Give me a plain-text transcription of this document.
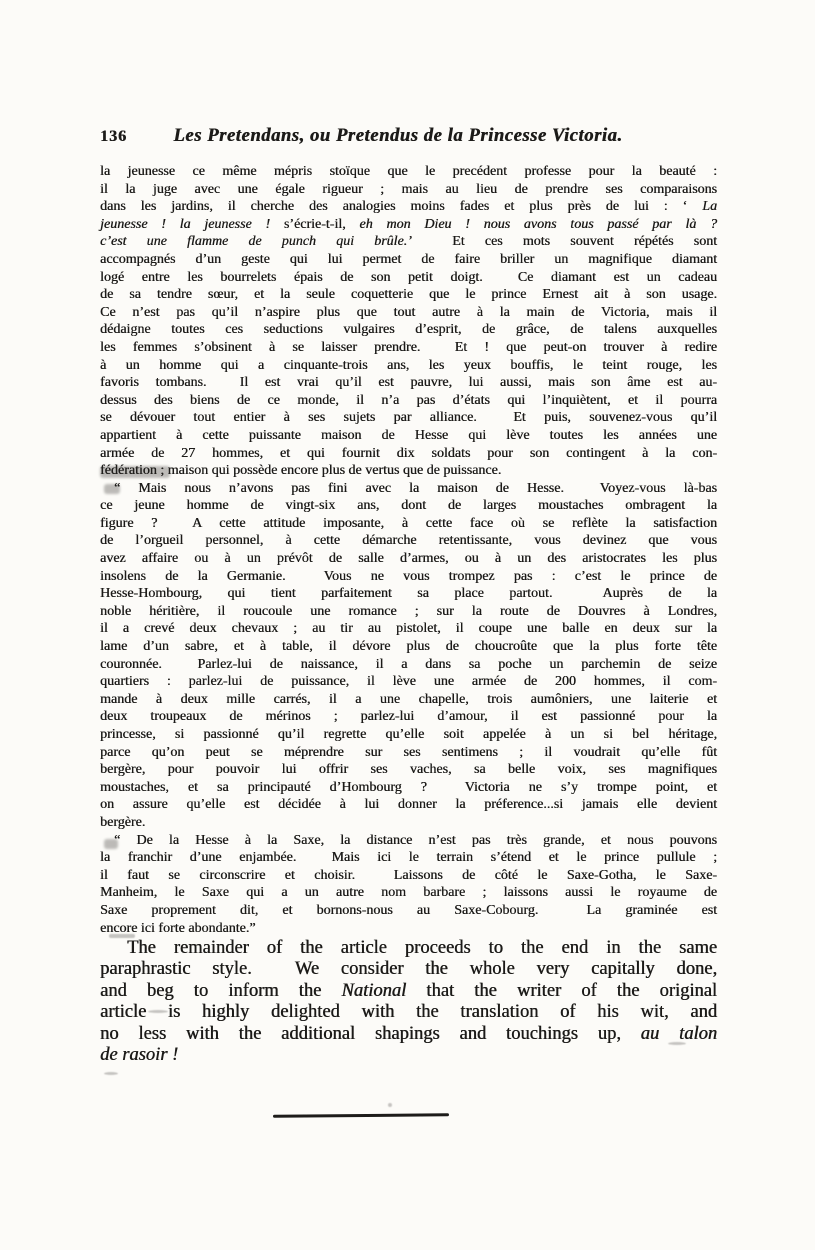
136	Les Pretendans, ou Pretendus de la Princesse Victoria.
la jeunesse ce même mépris stoïque que le precédent professe pour la beauté :
il la juge avec une égale rigueur ; mais au lieu de prendre ses comparaisons
dans les jardins, il cherche des analogies moins fades et plus près de lui : ‘ La
jeunesse ! la jeunesse ! s’écrie-t-il, eh mon Dieu ! nous avons tous passé par là ?
c’est une flamme de punch qui brûle.’  Et ces mots souvent répétés sont
accompagnés d’un geste qui lui permet de faire briller un magnifique diamant
logé entre les bourrelets épais de son petit doigt.  Ce diamant est un cadeau
de sa tendre sœur, et la seule coquetterie que le prince Ernest ait à son usage.
Ce n’est pas qu’il n’aspire plus que tout autre à la main de Victoria, mais il
dédaigne toutes ces seductions vulgaires d’esprit, de grâce, de talens auxquelles
les femmes s’obsinent à se laisser prendre.  Et ! que peut-on trouver à redire
à un homme qui a cinquante-trois ans, les yeux bouffis, le teint rouge, les
favoris tombans.  Il est vrai qu’il est pauvre, lui aussi, mais son âme est au-
dessus des biens de ce monde, il n’a pas d’états qui l’inquiètent, et il pourra
se dévouer tout entier à ses sujets par alliance.  Et puis, souvenez-vous qu’il
appartient à cette puissante maison de Hesse qui lève toutes les années une
armée de 27 hommes, et qui fournit dix soldats pour son contingent à la con-
fédération ; maison qui possède encore plus de vertus que de puissance.
“ Mais nous n’avons pas fini avec la maison de Hesse.  Voyez-vous là-bas
ce jeune homme de vingt-six ans, dont de larges moustaches ombragent la
figure ?  A cette attitude imposante, à cette face où se reflète la satisfaction
de l’orgueil personnel, à cette démarche retentissante, vous devinez que vous
avez affaire ou à un prévôt de salle d’armes, ou à un des aristocrates les plus
insolens de la Germanie.  Vous ne vous trompez pas : c’est le prince de
Hesse-Hombourg, qui tient parfaitement sa place partout.  Auprès de la
noble héritière, il roucoule une romance ; sur la route de Douvres à Londres,
il a crevé deux chevaux ; au tir au pistolet, il coupe une balle en deux sur la
lame d’un sabre, et à table, il dévore plus de choucroûte que la plus forte tête
couronnée.  Parlez-lui de naissance, il a dans sa poche un parchemin de seize
quartiers : parlez-lui de puissance, il lève une armée de 200 hommes, il com-
mande à deux mille carrés, il a une chapelle, trois aumôniers, une laiterie et
deux troupeaux de mérinos ; parlez-lui d’amour, il est passionné pour la
princesse, si passionné qu’il regrette qu’elle soit appelée à un si bel héritage,
parce qu’on peut se méprendre sur ses sentimens ; il voudrait qu’elle fût
bergère, pour pouvoir lui offrir ses vaches, sa belle voix, ses magnifiques
moustaches, et sa principauté d’Hombourg ?  Victoria ne s’y trompe point, et
on assure qu’elle est décidée à lui donner la préference...si jamais elle devient
bergère.
“ De la Hesse à la Saxe, la distance n’est pas très grande, et nous pouvons
la franchir d’une enjambée.  Mais ici le terrain s’étend et le prince pullule ;
il faut se circonscrire et choisir.  Laissons de côté le Saxe-Gotha, le Saxe-
Manheim, le Saxe qui a un autre nom barbare ; laissons aussi le royaume de
Saxe proprement dit, et bornons-nous au Saxe-Cobourg.  La graminée est
encore ici forte abondante.”
The remainder of the article proceeds to the end in the same
paraphrastic style.  We consider the whole very capitally done,
and beg to inform the National that the writer of the original
article is highly delighted with the translation of his wit, and
no less with the additional shapings and touchings up, au talon
de rasoir !
